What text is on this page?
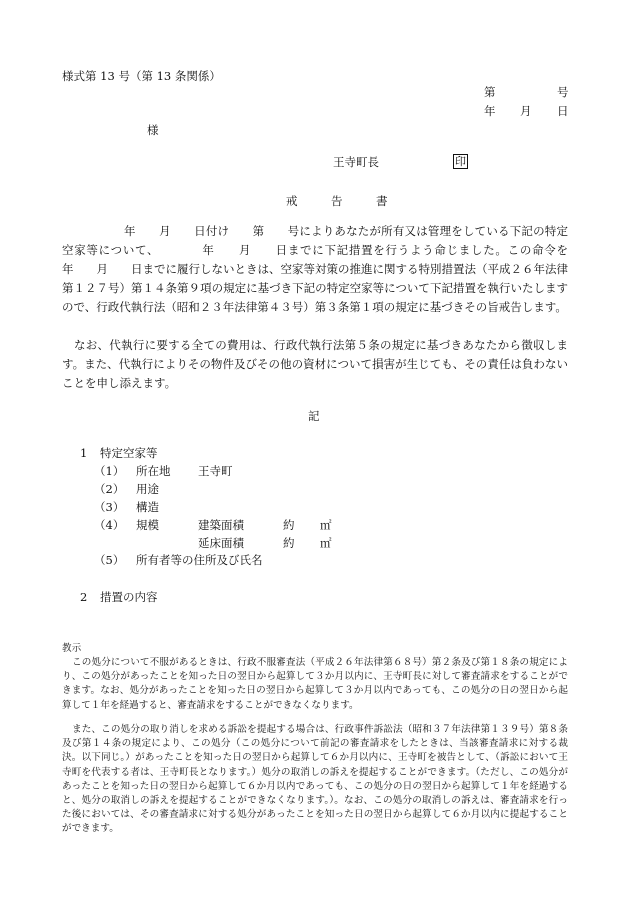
様式第 13 号（第 13 条関係）
第	号
年 月 日
様
王寺町長	印
戒　告　書
年　　月　　日付け　　第　　号によりあなたが所有又は管理をしている下記の特定空家等について、　　　　年　　月　　日までに下記措置を行うよう命じました。この命令を　　　　　年　　月　　日までに履行しないときは、空家等対策の推進に関する特別措置法（平成２６年法律第１２７号）第１４条第９項の規定に基づき下記の特定空家等について下記措置を執行いたしますので、行政代執行法（昭和２３年法律第４３号）第３条第１項の規定に基づきその旨戒告します。
なお、代執行に要する全ての費用は、行政代執行法第５条の規定に基づきあなたから徴収します。また、代執行によりその物件及びその他の資材について損害が生じても、その責任は負わないことを申し添えます。
記
1 特定空家等
（1） 所在地 王寺町
（2） 用途
（3） 構造
（4） 規模	建築面積	約 ㎡
延床面積	約 ㎡
（5） 所有者等の住所及び氏名
2 措置の内容
教示
この処分について不服があるときは、行政不服審査法（平成２６年法律第６８号）第２条及び第１８条の規定により、この処分があったことを知った日の翌日から起算して３か月以内に、王寺町長に対して審査請求をすることができます。なお、処分があったことを知った日の翌日から起算して３か月以内であっても、この処分の日の翌日から起算して１年を経過すると、審査請求をすることができなくなります。
また、この処分の取り消しを求める訴訟を提起する場合は、行政事件訴訟法（昭和３７年法律第１３９号）第８条及び第１４条の規定により、この処分（この処分について前記の審査請求をしたときは、当該審査請求に対する裁決。以下同じ。）があったことを知った日の翌日から起算して６か月以内に、王寺町を被告として、（訴訟において王寺町を代表する者は、王寺町長となります。）処分の取消しの訴えを提起することができます。（ただし、この処分があったことを知った日の翌日から起算して６か月以内であっても、この処分の日の翌日から起算して１年を経過すると、処分の取消しの訴えを提起することができなくなります。）。なお、この処分の取消しの訴えは、審査請求を行った後においては、その審査請求に対する処分があったことを知った日の翌日から起算して６か月以内に提起することができます。
